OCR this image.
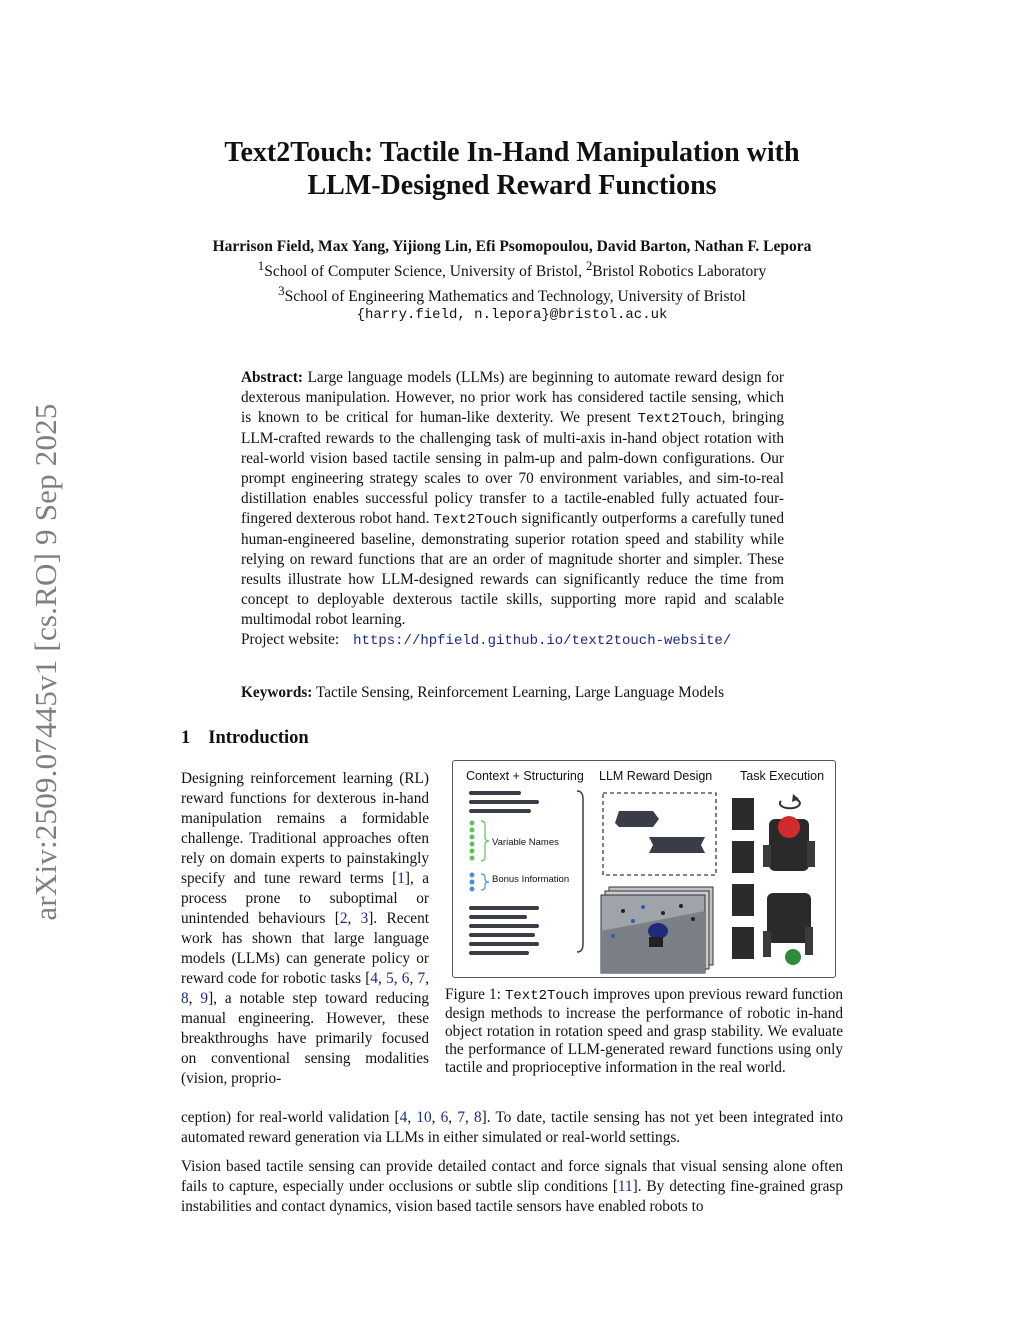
arXiv:2509.07445v1 [cs.RO] 9 Sep 2025
Text2Touch: Tactile In-Hand Manipulation with
LLM-Designed Reward Functions
Harrison Field, Max Yang, Yijiong Lin, Efi Psomopoulou, David Barton, Nathan F. Lepora
$^1$School of Computer Science, University of Bristol, $^2$Bristol Robotics Laboratory
$^3$School of Engineering Mathematics and Technology, University of Bristol
{harry.field, n.lepora}@bristol.ac.uk
Abstract: Large language models (LLMs) are beginning to automate reward design for dexterous manipulation. However, no prior work has considered tactile sensing, which is known to be critical for human-like dexterity. We present Text2Touch, bringing LLM-crafted rewards to the challenging task of multi-axis in-hand object rotation with real-world vision based tactile sensing in palm-up and palm-down configurations. Our prompt engineering strategy scales to over 70 environment variables, and sim-to-real distillation enables successful policy transfer to a tactile-enabled fully actuated four-fingered dexterous robot hand. Text2Touch significantly outperforms a carefully tuned human-engineered baseline, demonstrating superior rotation speed and stability while relying on reward functions that are an order of magnitude shorter and simpler. These results illustrate how LLM-designed rewards can significantly reduce the time from concept to deployable dexterous tactile skills, supporting more rapid and scalable multimodal robot learning.
Project website: https://hpfield.github.io/text2touch-website/
Keywords: Tactile Sensing, Reinforcement Learning, Large Language Models
1 Introduction
Designing reinforcement learning (RL) reward functions for dexterous in-hand manipulation remains a formidable challenge. Traditional approaches often rely on domain experts to painstakingly specify and tune reward terms [1], a process prone to suboptimal or unintended behaviours [2, 3]. Recent work has shown that large language models (LLMs) can generate policy or reward code for robotic tasks [4, 5, 6, 7, 8, 9], a notable step toward reducing manual engineering. However, these breakthroughs have primarily focused on conventional sensing modalities (vision, proprio-
ception) for real-world validation [4, 10, 6, 7, 8]. To date, tactile sensing has not yet been integrated into automated reward generation via LLMs in either simulated or real-world settings.
Vision based tactile sensing can provide detailed contact and force signals that visual sensing alone often fails to capture, especially under occlusions or subtle slip conditions [11]. By detecting fine-grained grasp instabilities and contact dynamics, vision based tactile sensors have enabled robots to
Context + Structuring LLM Reward Design Task Execution
Variable Names
Bonus Information
Figure 1: Text2Touch improves upon previous reward function design methods to increase the performance of robotic in-hand object rotation in rotation speed and grasp stability. We evaluate the performance of LLM-generated reward functions using only tactile and proprioceptive information in the real world.
